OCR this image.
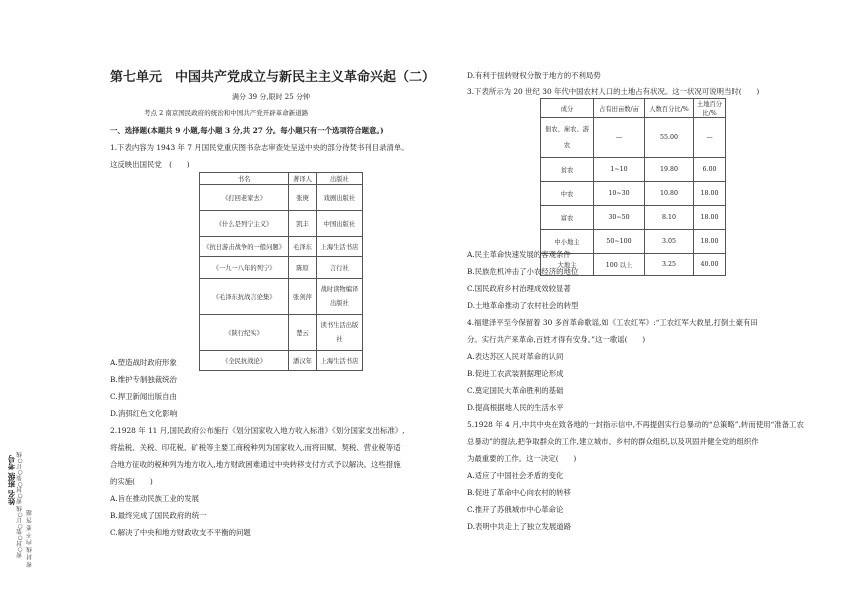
第七单元　中国共产党成立与新民主主义革命兴起（二）
满分 39 分,限时 25 分钟
考点 2 南京国民政府的统治和中国共产党开辟革命新道路
一、选择题(本题共 9 小题,每小题 3 分,共 27 分。每小题只有一个选项符合题意。)
1.下表内容为 1943 年 7 月国民党重庆图书杂志审查处呈送中央的部分待焚书刊目录清单。
这反映出国民党　(　　)
书名	著译人	出版社
《打回老家去》	张庚	戏剧出版社
《什么是列宁主义》	凯丰	中国出版社
《抗日游击战争的一般问题》	毛泽东	上海生活书店
《一九一八年的列宁》	陈原	言行社
《毛泽东抗战言论集》	张剑萍	战时读物编译出版社
《陕行纪实》	楚云	读书生活出版社
《全民抗战论》	潘汉年	上海生活书店
A.塑造战时政府形象
B.维护专制独裁统治
C.捍卫新闻出版自由
D.消弭红色文化影响
2.1928 年 11 月,国民政府公布施行《划分国家收入地方收入标准》《划分国家支出标准》,
将盐税、关税、印花税、矿税等主要工商税种列为国家收入,而将田赋、契税、营业税等适
合地方征收的税种列为地方收入,地方财政困难通过中央转移支付方式予以解决。这些措施
的实施(　　)
A.旨在推动民族工业的发展
B.最终完成了国民政府的统一
C.解决了中央和地方财政收支不平衡的问题
D.有利于扭转财权分散于地方的不利局势
3.下表所示为 20 世纪 30 年代中国农村人口的土地占有状况。这一状况可说明当时(　　)
成分	占有田亩数/亩	人数百分比/%	土地百分比/%
佃农、雇农、游农	—	55.00	—
贫农	1~10	19.80	6.00
中农	10~30	10.80	18.00
富农	30~50	8.10	18.00
中小地主	50~100	3.05	18.00
大地主	100 以上	3.25	40.00
A.民主革命快速发展的客观条件
B.民族危机冲击了小农经济的地位
C.国民政府乡村治理成效较显著
D.土地革命推动了农村社会的转型
4.福建泽平至今保留着 30 多首革命歌谣,如《工农红军》:“工农红军大救星,打倒土豪有田
分。实行共产来革命,百姓才得有安身。”这一歌谣(　　)
A.表达苏区人民对革命的认同
B.促进工农武装割据理论形成
C.奠定国民大革命胜利的基础
D.提高根据地人民的生活水平
5.1928 年 4 月,中共中央在致各地的一封指示信中,不再提倡实行总暴动的“总策略”,转而使用“准备工农
总暴动”的提法,把争取群众的工作,建立城市、乡村的群众组织,以及巩固并健全党的组织作
为最重要的工作。这一决定(　　)
A.适应了中国社会矛盾的变化
B.促进了革命中心向农村的转移
C.推开了苏俄城市中心革命论
D.表明中共走上了独立发展道路
姓名 班级 考号 密○封○装○订○线 密○封○装○订○线 密 封 线 内 不 要 答 题
